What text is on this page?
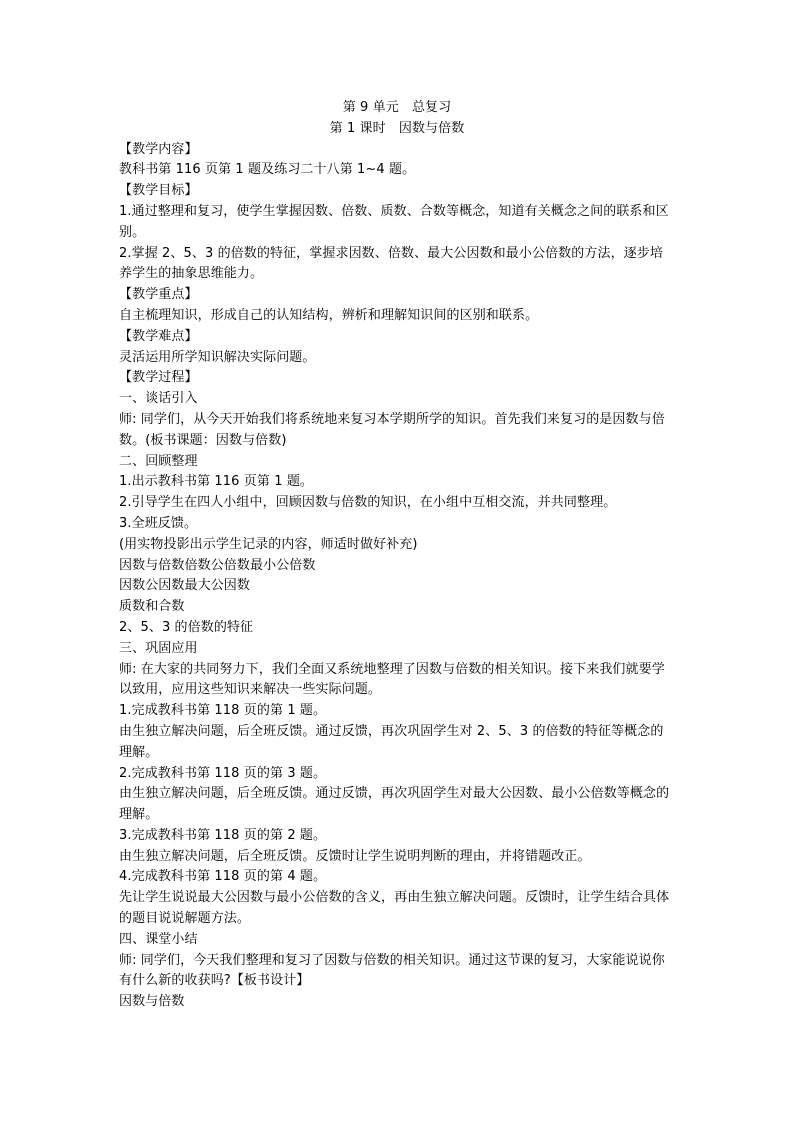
第 9 单元　总复习

第 1 课时　因数与倍数

【教学内容】

教科书第 116 页第 1 题及练习二十八第 1~4 题。

【教学目标】

1.通过整理和复习，使学生掌握因数、倍数、质数、合数等概念，知道有关概念之间的联系和区别。

2.掌握 2、5、3 的倍数的特征，掌握求因数、倍数、最大公因数和最小公倍数的方法，逐步培养学生的抽象思维能力。

【教学重点】

自主梳理知识，形成自己的认知结构，辨析和理解知识间的区别和联系。

【教学难点】

灵活运用所学知识解决实际问题。

【教学过程】

一、谈话引入

师: 同学们，从今天开始我们将系统地来复习本学期所学的知识。首先我们来复习的是因数与倍数。(板书课题：因数与倍数)

二、回顾整理

1.出示教科书第 116 页第 1 题。

2.引导学生在四人小组中，回顾因数与倍数的知识，在小组中互相交流，并共同整理。

3.全班反馈。

(用实物投影出示学生记录的内容，师适时做好补充)

因数与倍数倍数公倍数最小公倍数

因数公因数最大公因数

质数和合数

2、5、3 的倍数的特征

三、巩固应用

师: 在大家的共同努力下，我们全面又系统地整理了因数与倍数的相关知识。接下来我们就要学以致用，应用这些知识来解决一些实际问题。

1.完成教科书第 118 页的第 1 题。

由生独立解决问题，后全班反馈。通过反馈，再次巩固学生对 2、5、3 的倍数的特征等概念的理解。

2.完成教科书第 118 页的第 3 题。

由生独立解决问题，后全班反馈。通过反馈，再次巩固学生对最大公因数、最小公倍数等概念的理解。

3.完成教科书第 118 页的第 2 题。

由生独立解决问题，后全班反馈。反馈时让学生说明判断的理由，并将错题改正。

4.完成教科书第 118 页的第 4 题。

先让学生说说最大公因数与最小公倍数的含义，再由生独立解决问题。反馈时，让学生结合具体的题目说说解题方法。

四、课堂小结

师: 同学们，今天我们整理和复习了因数与倍数的相关知识。通过这节课的复习，大家能说说你有什么新的收获吗?【板书设计】

因数与倍数
